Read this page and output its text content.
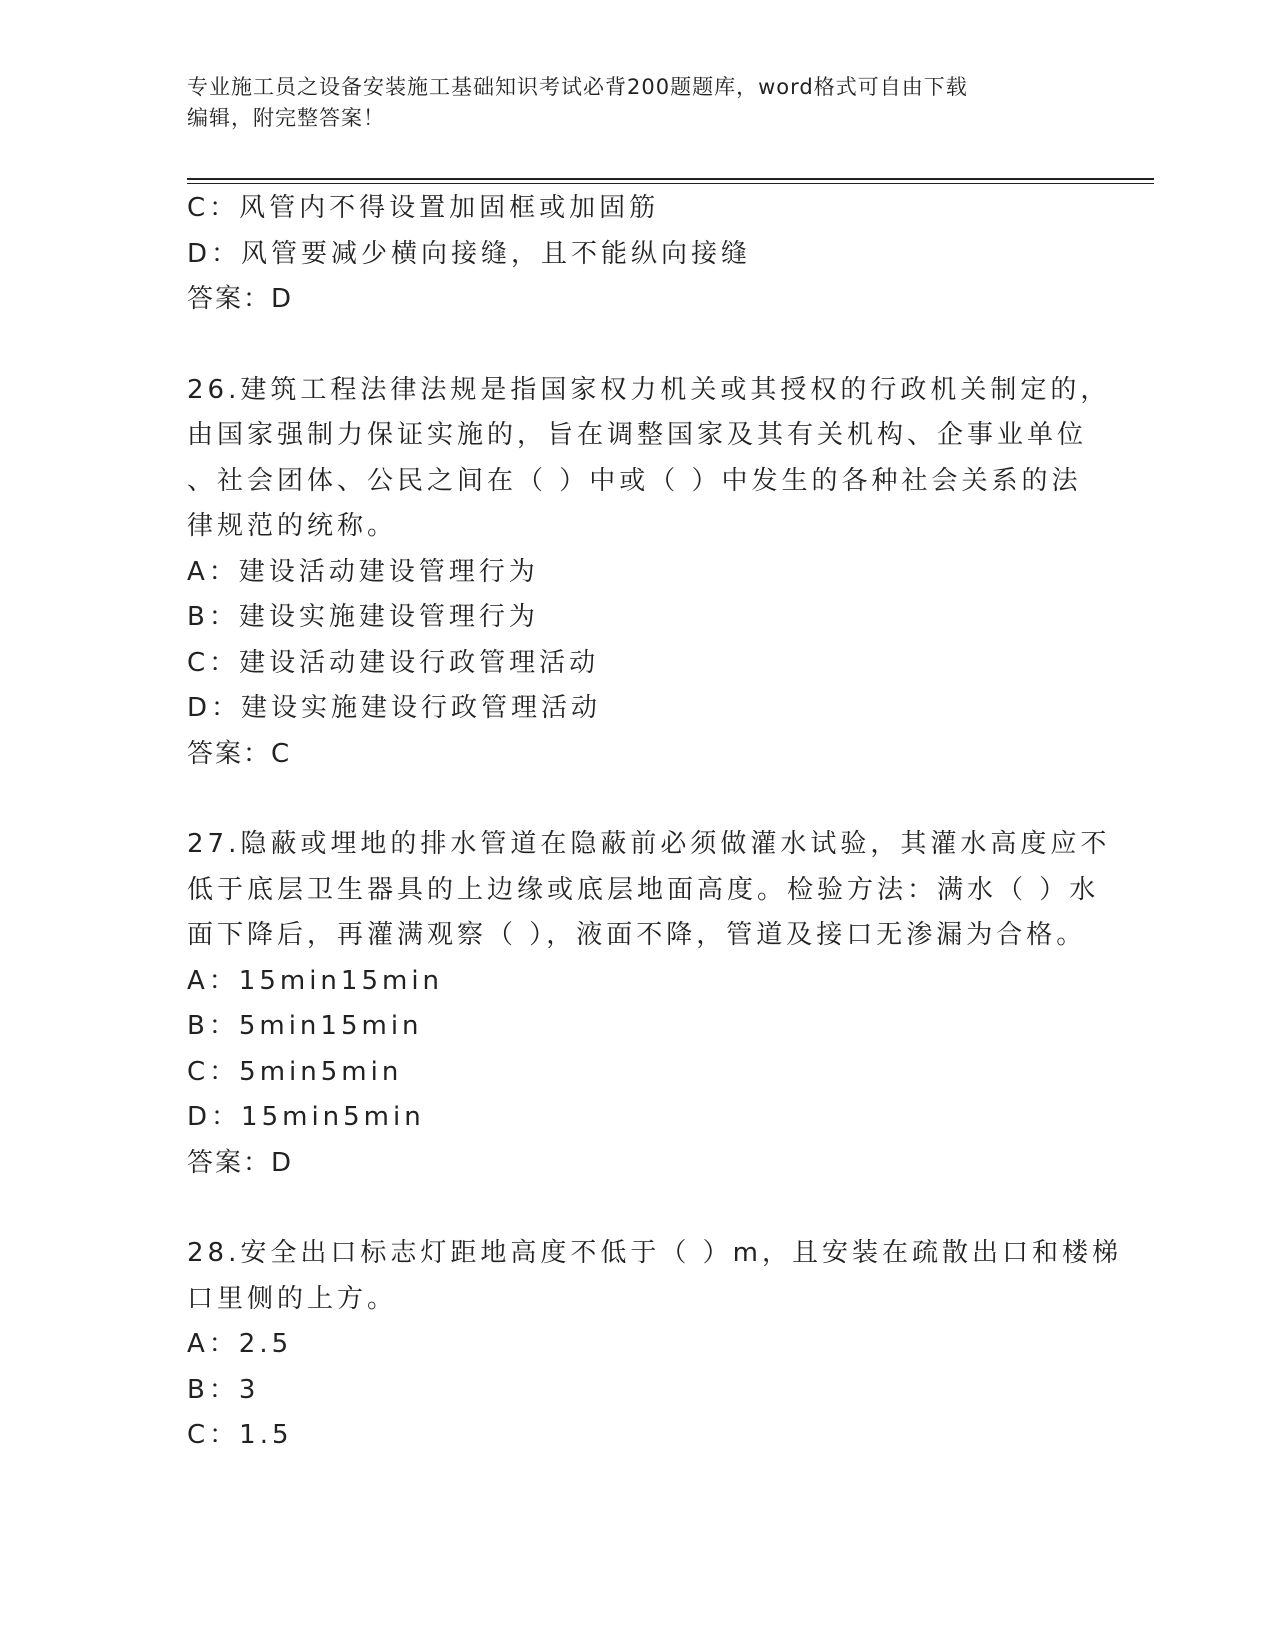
专业施工员之设备安装施工基础知识考试必背200题题库，word格式可自由下载
编辑，附完整答案！
C：风管内不得设置加固框或加固筋
D：风管要减少横向接缝，且不能纵向接缝
答案：D
26.建筑工程法律法规是指国家权力机关或其授权的行政机关制定的，
由国家强制力保证实施的，旨在调整国家及其有关机构、企事业单位
、社会团体、公民之间在（ ）中或（ ）中发生的各种社会关系的法
律规范的统称。
A：建设活动建设管理行为
B：建设实施建设管理行为
C：建设活动建设行政管理活动
D：建设实施建设行政管理活动
答案：C
27.隐蔽或埋地的排水管道在隐蔽前必须做灌水试验，其灌水高度应不
低于底层卫生器具的上边缘或底层地面高度。检验方法：满水（ ）水
面下降后，再灌满观察（ ），液面不降，管道及接口无渗漏为合格。
A：15min15min
B：5min15min
C：5min5min
D：15min5min
答案：D
28.安全出口标志灯距地高度不低于（ ）m，且安装在疏散出口和楼梯
口里侧的上方。
A：2.5
B：3
C：1.5
